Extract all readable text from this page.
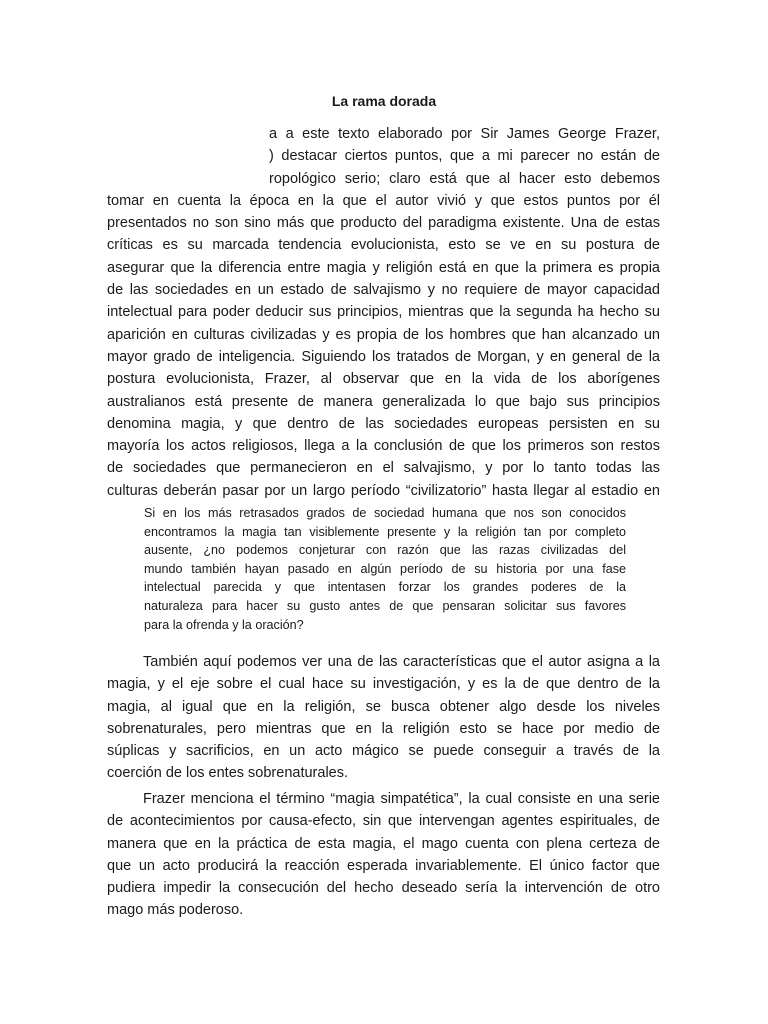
La rama dorada
a a este texto elaborado por Sir James George Frazer,
) destacar ciertos puntos, que a mi parecer no están de
ropológico serio; claro está que al hacer esto debemos
tomar en cuenta la época en la que el autor vivió y que estos puntos por él
presentados no son sino más que producto del paradigma existente. Una de estas
críticas es su marcada tendencia evolucionista, esto se ve en su postura de
asegurar que la diferencia entre magia y religión está en que la primera es propia
de las sociedades en un estado de salvajismo y no requiere de mayor capacidad
intelectual para poder deducir sus principios, mientras que la segunda ha hecho su
aparición en culturas civilizadas y es propia de los hombres que han alcanzado un
mayor grado de inteligencia. Siguiendo los tratados de Morgan, y en general de la
postura evolucionista, Frazer, al observar que en la vida de los aborígenes
australianos está presente de manera generalizada lo que bajo sus principios
denomina magia, y que dentro de las sociedades europeas persisten en su
mayoría los actos religiosos, llega a la conclusión de que los primeros son restos
de sociedades que permanecieron en el salvajismo, y por lo tanto todas las
culturas deberán pasar por un largo período “civilizatorio” hasta llegar al estadio en
Si en los más retrasados grados de sociedad humana que nos son conocidos
encontramos la magia tan visiblemente presente y la religión tan por completo
ausente, ¿no podemos conjeturar con razón que las razas civilizadas del
mundo también hayan pasado en algún período de su historia por una fase
intelectual parecida y que intentasen forzar los grandes poderes de la
naturaleza para hacer su gusto antes de que pensaran solicitar sus favores
para la ofrenda y la oración?
También aquí podemos ver una de las características que el autor asigna a la
magia, y el eje sobre el cual hace su investigación, y es la de que dentro de la
magia, al igual que en la religión, se busca obtener algo desde los niveles
sobrenaturales, pero mientras que en la religión esto se hace por medio de
súplicas y sacrificios, en un acto mágico se puede conseguir a través de la
coerción de los entes sobrenaturales.
Frazer menciona el término “magia simpatética”, la cual consiste en una serie
de acontecimientos por causa-efecto, sin que intervengan agentes espirituales, de
manera que en la práctica de esta magia, el mago cuenta con plena certeza de
que un acto producirá la reacción esperada invariablemente. El único factor que
pudiera impedir la consecución del hecho deseado sería la intervención de otro
mago más poderoso.
